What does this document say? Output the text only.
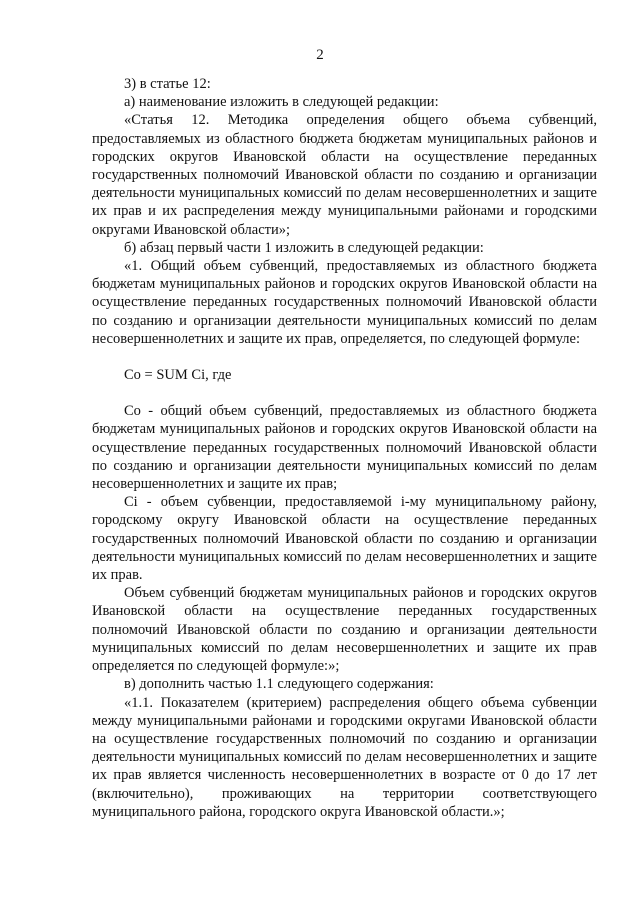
2

3) в статье 12:

а) наименование изложить в следующей редакции:

«Статья 12. Методика определения общего объема субвенций, предоставляемых из областного бюджета бюджетам муниципальных районов и городских округов Ивановской области на осуществление переданных государственных полномочий Ивановской области по созданию и организации деятельности муниципальных комиссий по делам несовершеннолетних и защите их прав и их распределения между муниципальными районами и городскими округами Ивановской области»;

б) абзац первый части 1 изложить в следующей редакции:

«1. Общий объем субвенций, предоставляемых из областного бюджета бюджетам муниципальных районов и городских округов Ивановской области на осуществление переданных государственных полномочий Ивановской области по созданию и организации деятельности муниципальных комиссий по делам несовершеннолетних и защите их прав, определяется, по следующей формуле:

Co = SUM Ci, где

Co - общий объем субвенций, предоставляемых из областного бюджета бюджетам муниципальных районов и городских округов Ивановской области на осуществление переданных государственных полномочий Ивановской области по созданию и организации деятельности муниципальных комиссий по делам несовершеннолетних и защите их прав;

Ci - объем субвенции, предоставляемой i-му муниципальному району, городскому округу Ивановской области на осуществление переданных государственных полномочий Ивановской области по созданию и организации деятельности муниципальных комиссий по делам несовершеннолетних и защите их прав.

Объем субвенций бюджетам муниципальных районов и городских округов Ивановской области на осуществление переданных государственных полномочий Ивановской области по созданию и организации деятельности муниципальных комиссий по делам несовершеннолетних и защите их прав определяется по следующей формуле:»;

в) дополнить частью 1.1 следующего содержания:

«1.1. Показателем (критерием) распределения общего объема субвенции между муниципальными районами и городскими округами Ивановской области на осуществление государственных полномочий по созданию и организации деятельности муниципальных комиссий по делам несовершеннолетних и защите их прав является численность несовершеннолетних в возрасте от 0 до 17 лет (включительно), проживающих на территории соответствующего муниципального района, городского округа Ивановской области.»;
